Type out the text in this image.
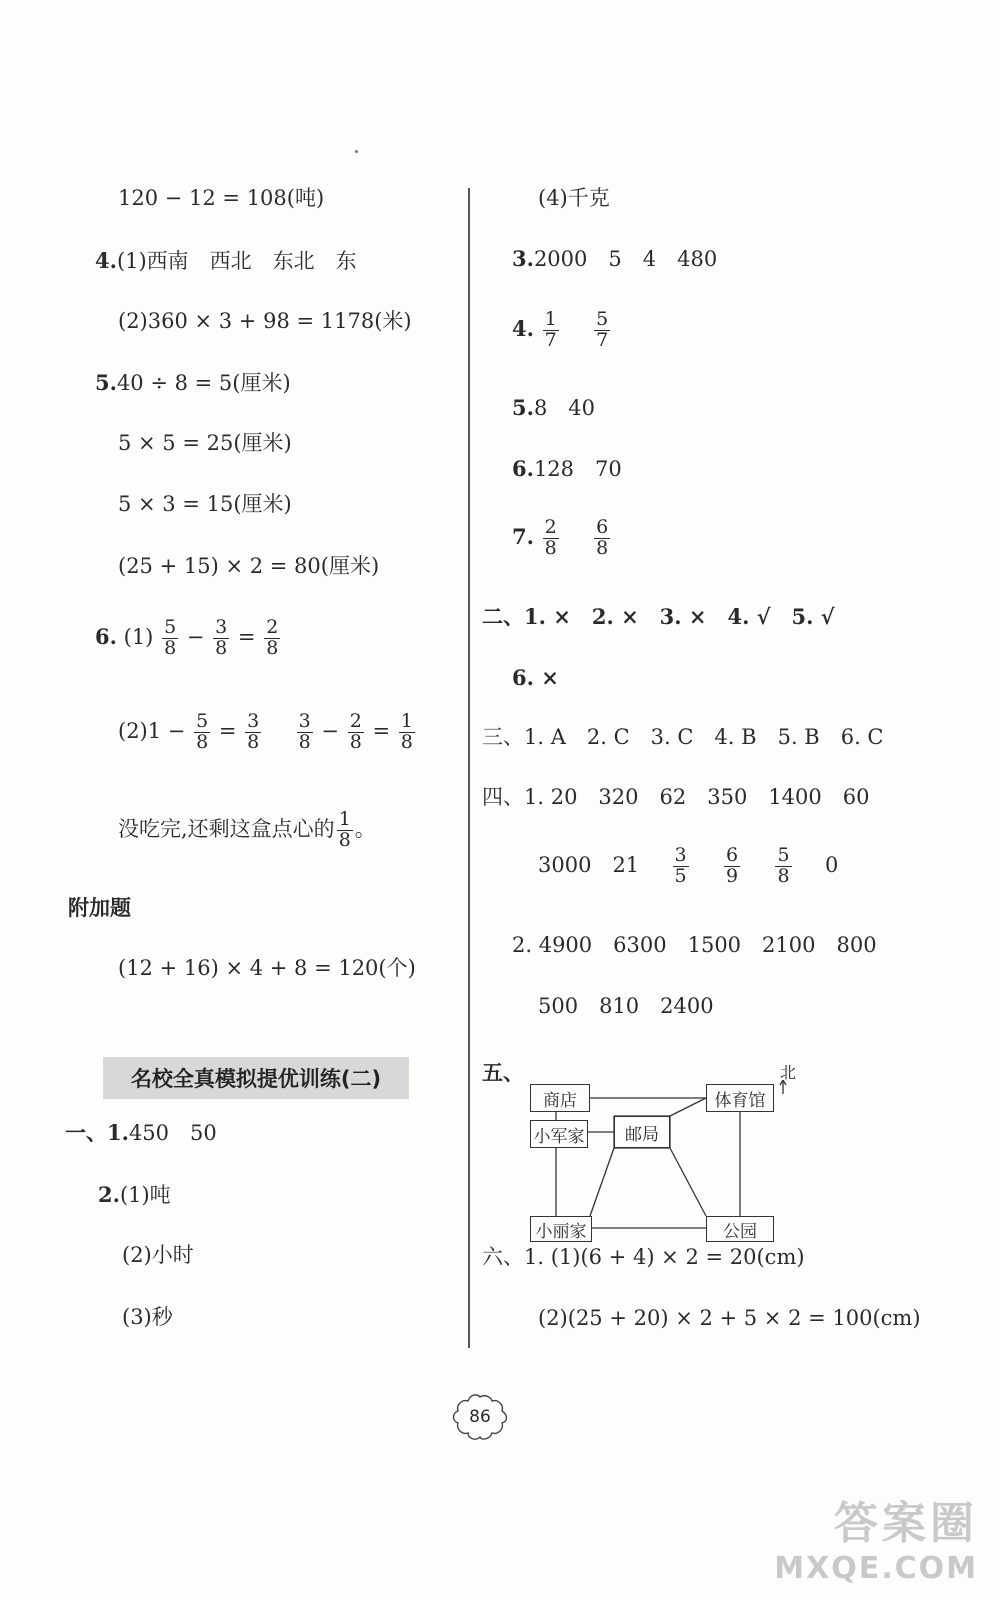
120 − 12 = 108(吨)
4.(1)西南　西北　东北　东
(2)360 × 3 + 98 = 1178(米)
5.40 ÷ 8 = 5(厘米)
5 × 5 = 25(厘米)
5 × 3 = 15(厘米)
(25 + 15) × 2 = 80(厘米)
6. $(1) \frac{5}{8} - \frac{3}{8} = \frac{2}{8}$
$(2)1 - \frac{5}{8} = \frac{3}{8}$
$\frac{3}{8} - \frac{2}{8} = \frac{1}{8}$
没吃完,还剩这盒点心的 $\frac{1}{8}$ 。
附加题
(12 + 16) × 4 + 8 = 120(个)
名校全真模拟提优训练(二)
一、1.450　50
2.(1)吨
(2)小时
(3)秒
(4)千克
3.2000　5　4　480
4. $\frac{1}{7}$
$\frac{5}{7}$
5.8　40
6.128　70
7. $\frac{2}{8}$
$\frac{6}{8}$
二、1. ×　2. ×　3. ×　4. √　5. √
6. ×
三、1. A　2. C　3. C　4. B　5. B　6. C
四、1. 20　320　62　350　1400　60
3000　$21 \frac{3}{5}$
$\frac{6}{9}$
$\frac{5}{8} 0$
2. 4900　6300　1500　2100　800
500　810　2400
五、
商店	体育馆
小军家	邮局
小丽家	公园
北
六、1. (1)(6 + 4) × 2 = 20(cm)
(2)(25 + 20) × 2 + 5 × 2 = 100(cm)
86
答案圈
MXQE.COM
